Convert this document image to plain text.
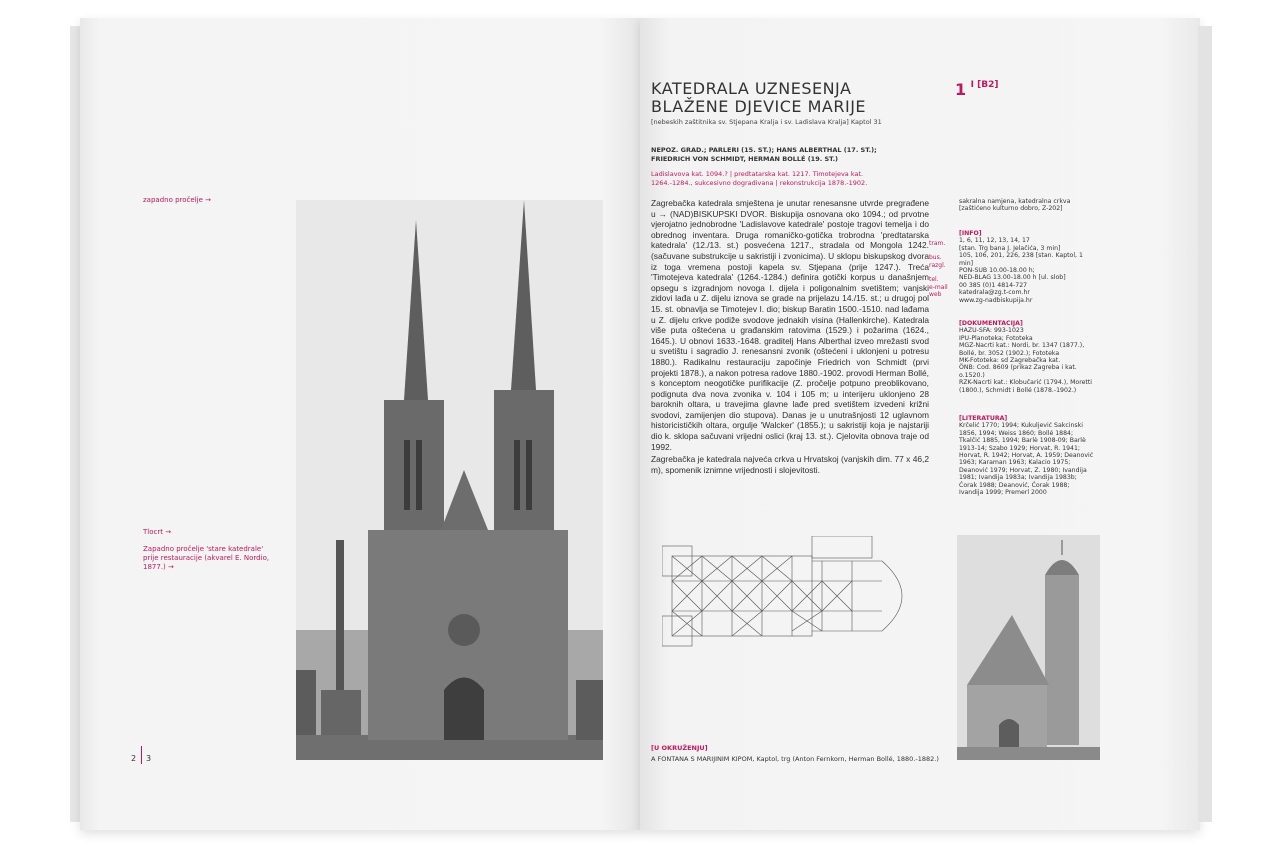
zapadno pročelje →
Tlocrt →
Zapadno pročelje 'stare katedrale' prije restauracije (akvarel E. Nordio, 1877.) →
2 3
KATEDRALA UZNESENJA
BLAŽENE DJEVICE MARIJE
1 $^{I [B2]}$
[nebeskih zaštitnika sv. Stjepana Kralja i sv. Ladislava Kralja] Kaptol 31
NEPOZ. GRAD.; PARLERI (15. ST.); HANS ALBERTHAL (17. ST.);
FRIEDRICH VON SCHMIDT, HERMAN BOLLÉ (19. ST.)
Ladislavova kat. 1094.? | predtatarska kat. 1217. Timotejeva kat. 1264.-1284., sukcesivno dogradivana | rekonstrukcija 1878.-1902.

Zagrebačka katedrala smještena je unutar renesansne utvrde pregrađene u → (NAD)BISKUPSKI DVOR. Biskupija osnovana oko 1094.; od prvotne vjerojatno jednobrodne 'Ladislavove katedrale' postoje tragovi temelja i do obrednog inventara. Druga romaničko-gotička trobrodna 'predtatarska katedrala' (12./13. st.) posvećena 1217., stradala od Mongola 1242. (sačuvane substrukcije u sakristiji i zvonicima). U sklopu biskupskog dvora iz toga vremena postoji kapela sv. Stjepana (prije 1247.). Treća 'Timotejeva katedrala' (1264.-1284.) definira gotički korpus u današnjem opsegu s izgradnjom novoga I. dijela i poligonalnim svetištem; vanjski zidovi lađa u Z. dijelu iznova se grade na prijelazu 14./15. st.; u drugoj pol 15. st. obnavlja se Timotejev I. dio; biskup Baratin 1500.-1510. nad lađama u Z. dijelu crkve podiže svodove jednakih visina (Hallenkirche). Katedrala više puta oštećena u građanskim ratovima (1529.) i požarima (1624., 1645.). U obnovi 1633.-1648. graditelj Hans Alberthal izveo mrežasti svod u svetištu i sagradio J. renesansni zvonik (oštećeni i uklonjeni u potresu 1880.). Radikalnu restauraciju započinje Friedrich von Schmidt (prvi projekti 1878.), a nakon potresa radove 1880.-1902. provodi Herman Bollé, s konceptom neogotičke purifikacije (Z. pročelje potpuno preoblikovano, podignuta dva nova zvonika v. 104 i 105 m; u interijeru uklonjeno 28 baroknih oltara, u travejima glavne lađe pred svetištem izvedeni križni svodovi, zamijenjen dio stupova). Danas je u unutrašnjosti 12 uglavnom historicističkih oltara, orgulje 'Walcker' (1855.); u sakristiji koja je najstariji dio k. sklopa sačuvani vrijedni oslici (kraj 13. st.). Cjelovita obnova traje od 1992.

Zagrebačka je katedrala najveća crkva u Hrvatskoj (vanjskih dim. 77 x 46,2 m), spomenik iznimne vrijednosti i slojevitosti.

sakralna namjena, katedralna crkva [zaštićeno kulturno dobro, Z-202]
tram.
bus.
razgl.
tel.
e-mail
web
[INFO]
1, 6, 11, 12, 13, 14, 17
[stan. Trg bana J. Jelačića, 3 min]
105, 106, 201, 226, 238 [stan. Kaptol, 1 min]
PON-SUB 10.00-18.00 h;
NED-BLAG 13.00-18.00 h [ul. slob]
00 385 (0)1 4814-727
katedrala@zg.t-com.hr
www.zg-nadbiskupija.hr
[DOKUMENTACIJA]
HAZU-SFA: 993-1023
IPU-Planoteka; Fototeka
MGZ-Nacrti kat.: Nordi, br. 1347 (1877.), Bollé, br. 3052 (1902.); Fototeka
MK-Fototeka: sd Zagrebačka kat.
ÖNB: Cod. 8609 (prikaz Zagreba i kat. o.1520.)
RZK-Nacrti kat.: Klobučarić (1794.), Moretti (1800.), Schmidt i Bollé (1878.-1902.)
[LITERATURA]
Krčelić 1770; 1994; Kukuljević Sakcinski 1856, 1994; Weiss 1860; Bollé 1884; Tkalčić 1885, 1994; Barlè 1908-09; Barlè 1913-14; Szabo 1929; Horvat, R. 1941; Horvat, R. 1942; Horvat, A. 1959; Deanović 1963; Karaman 1963; Kalacio 1975; Deanović 1979; Horvat, Z. 1980; Ivandija 1981; Ivandija 1983a; Ivandija 1983b; Ćorak 1988; Deanović, Ćorak 1988; Ivandija 1999; Premerl 2000
[U OKRUŽENJU]
A FONTANA S MARIJINIM KIPOM, Kaptol, trg (Anton Fernkorn, Herman Bollé, 1880.-1882.)
